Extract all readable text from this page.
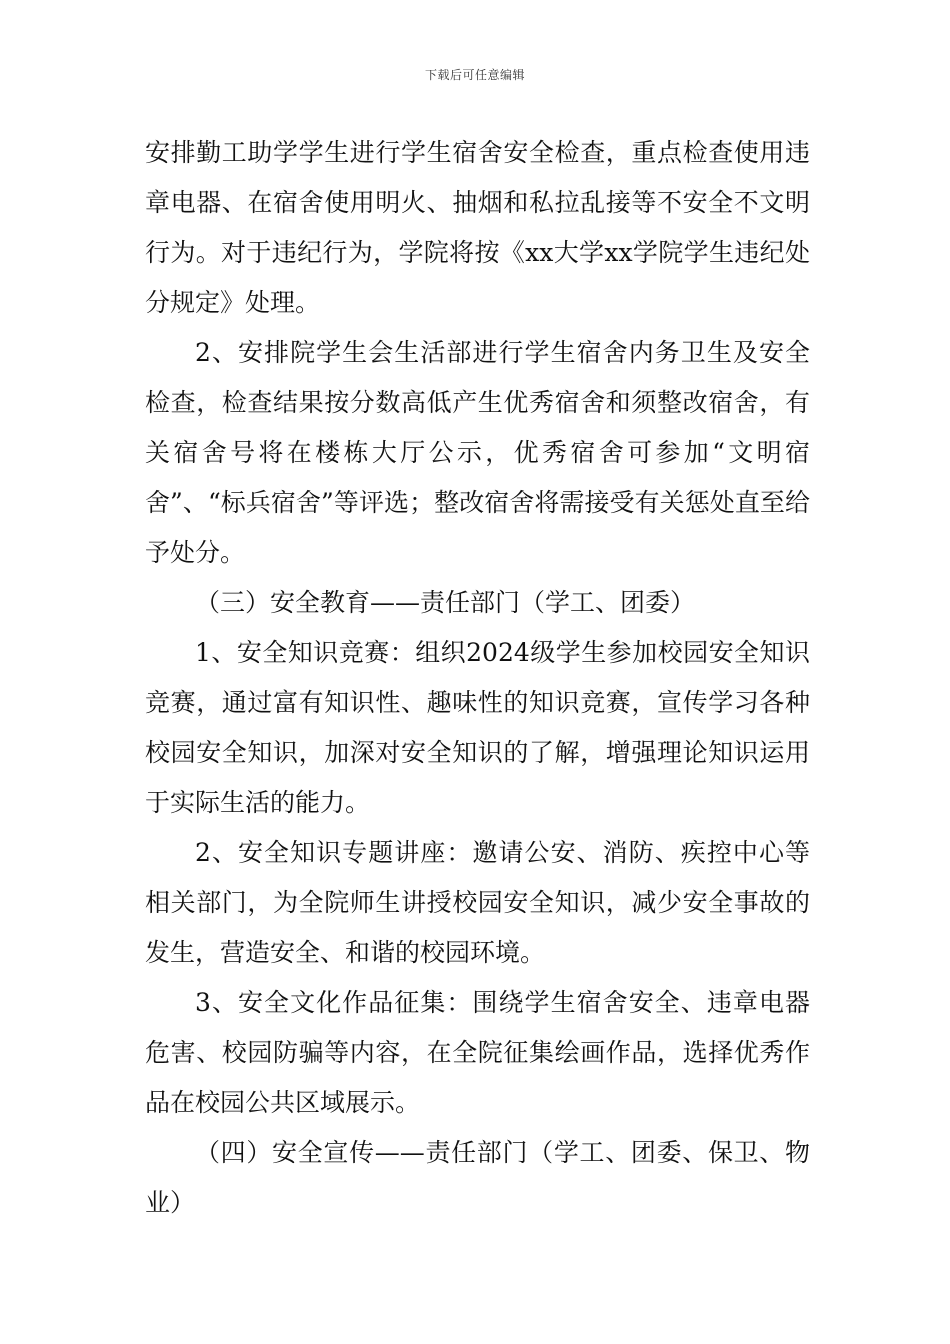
下载后可任意编辑

安排勤工助学学生进行学生宿舍安全检查，重点检查使用违章电器、在宿舍使用明火、抽烟和私拉乱接等不安全不文明行为。对于违纪行为，学院将按《xx大学xx学院学生违纪处分规定》处理。

2、安排院学生会生活部进行学生宿舍内务卫生及安全检查，检查结果按分数高低产生优秀宿舍和须整改宿舍，有关宿舍号将在楼栋大厅公示，优秀宿舍可参加“文明宿舍”、“标兵宿舍”等评选；整改宿舍将需接受有关惩处直至给予处分。

（三）安全教育——责任部门（学工、团委）

1、安全知识竞赛：组织2024级学生参加校园安全知识竞赛，通过富有知识性、趣味性的知识竞赛，宣传学习各种校园安全知识，加深对安全知识的了解，增强理论知识运用于实际生活的能力。

2、安全知识专题讲座：邀请公安、消防、疾控中心等相关部门，为全院师生讲授校园安全知识，减少安全事故的发生，营造安全、和谐的校园环境。

3、安全文化作品征集：围绕学生宿舍安全、违章电器危害、校园防骗等内容，在全院征集绘画作品，选择优秀作品在校园公共区域展示。

（四）安全宣传——责任部门（学工、团委、保卫、物业）
